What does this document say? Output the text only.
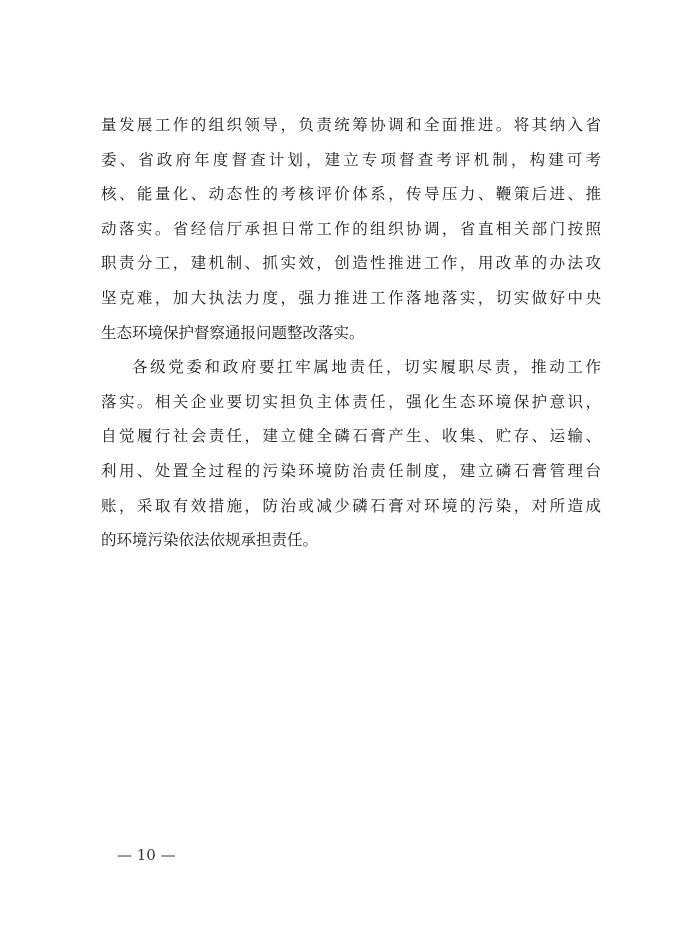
量发展工作的组织领导，负责统筹协调和全面推进。将其纳入省
委、省政府年度督查计划，建立专项督查考评机制，构建可考
核、能量化、动态性的考核评价体系，传导压力、鞭策后进、推
动落实。省经信厅承担日常工作的组织协调，省直相关部门按照
职责分工，建机制、抓实效，创造性推进工作，用改革的办法攻
坚克难，加大执法力度，强力推进工作落地落实，切实做好中央
生态环境保护督察通报问题整改落实。
各级党委和政府要扛牢属地责任，切实履职尽责，推动工作
落实。相关企业要切实担负主体责任，强化生态环境保护意识，
自觉履行社会责任，建立健全磷石膏产生、收集、贮存、运输、
利用、处置全过程的污染环境防治责任制度，建立磷石膏管理台
账，采取有效措施，防治或减少磷石膏对环境的污染，对所造成
的环境污染依法依规承担责任。
— 10 —
